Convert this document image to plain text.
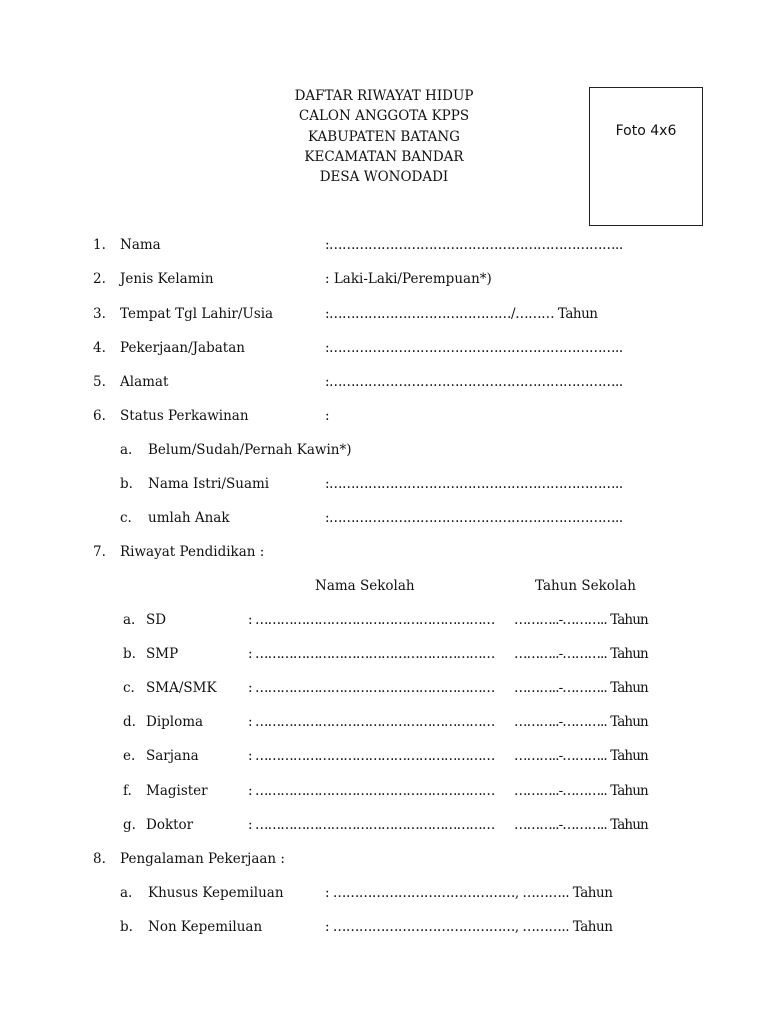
DAFTAR RIWAYAT HIDUP
CALON ANGGOTA KPPS
KABUPATEN BATANG
KECAMATAN BANDAR
DESA WONODADI
Foto 4x6
1. Nama	:…………………………………………………………..
2. Jenis Kelamin	: Laki-Laki/Perempuan*)
3. Tempat Tgl Lahir/Usia	:……………………………………/……… Tahun
4. Pekerjaan/Jabatan	:…………………………………………………………..
5. Alamat	:…………………………………………………………..
6. Status Perkawinan	:
a. Belum/Sudah/Pernah Kawin*)
b. Nama Istri/Suami	:…………………………………………………………..
c. umlah Anak	:…………………………………………………………..
7. Riwayat Pendidikan :
Nama Sekolah	Tahun Sekolah
a. SD	: ………………………………………………… ………..-……….. Tahun
b. SMP	: ………………………………………………… ………..-……….. Tahun
c. SMA/SMK : ………………………………………………… ………..-……….. Tahun
d. Diploma	: ………………………………………………… ………..-……….. Tahun
e. Sarjana	: ………………………………………………… ………..-……….. Tahun
f. Magister	: ………………………………………………… ………..-……….. Tahun
g. Doktor	: ………………………………………………… ………..-……….. Tahun
8. Pengalaman Pekerjaan :
a. Khusus Kepemiluan	: ……………………………………, ……….. Tahun
b. Non Kepemiluan	: ……………………………………, ……….. Tahun
